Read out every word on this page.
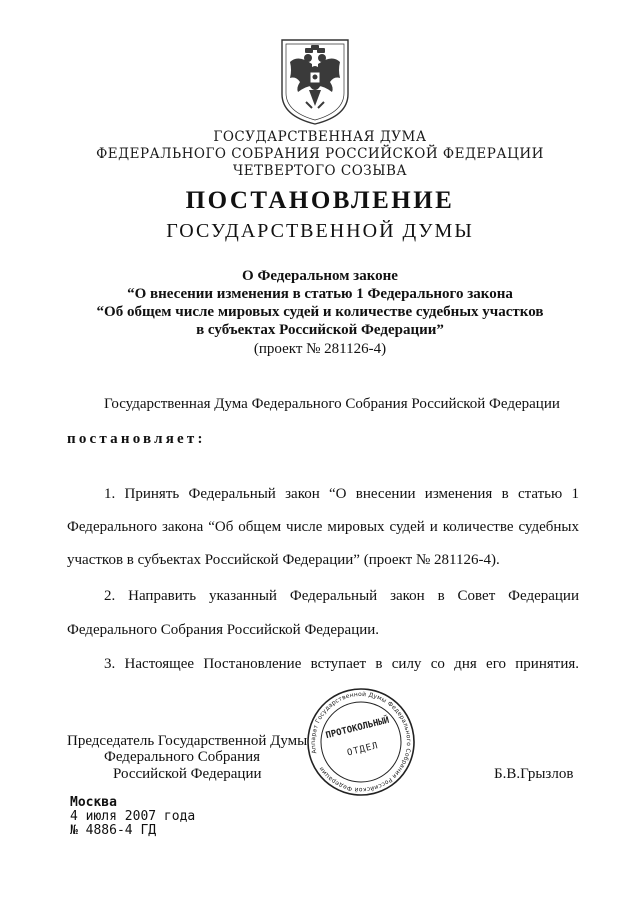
ГОСУДАРСТВЕННАЯ ДУМА
ФЕДЕРАЛЬНОГО СОБРАНИЯ РОССИЙСКОЙ ФЕДЕРАЦИИ
ЧЕТВЕРТОГО СОЗЫВА
ПОСТАНОВЛЕНИЕ
ГОСУДАРСТВЕННОЙ ДУМЫ
О Федеральном законе
“О внесении изменения в статью 1 Федерального закона
“Об общем числе мировых судей и количестве судебных участков
в субъектах Российской Федерации”
(проект № 281126-4)
Государственная Дума Федерального Собрания Российской Федерации
постановляет:
1. Принять Федеральный закон “О внесении изменения в статью 1
Федерального закона “Об общем числе мировых судей и количестве судебных
участков в субъектах Российской Федерации” (проект № 281126-4).
2. Направить указанный Федеральный закон в Совет Федерации
Федерального Собрания Российской Федерации.
3. Настоящее Постановление вступает в силу со дня его принятия.
Председатель Государственной Думы
Федерального Собрания
Российской Федерации	Б.В.Грызлов
Аппарат Государственной Думы Федерального Собрания Российской Федерации
ПРОТОКОЛЬНЫЙ
ОТДЕЛ
Москва
4 июля 2007 года
№ 4886-4 ГД
